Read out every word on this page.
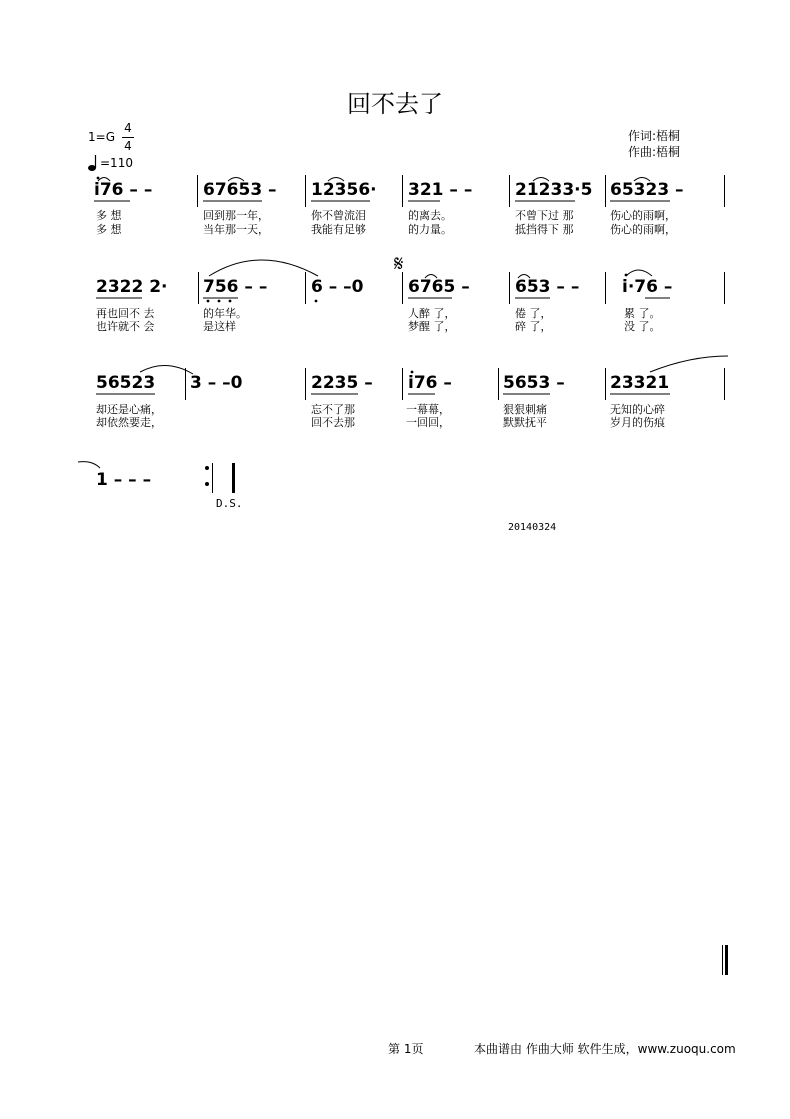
回不去了
1=G
4
4
=110
作词:梧桐
作曲:梧桐
i76 – –	67653 – 12356· 321 – –	21233·5 65323 –
多 想	回到那一年，	你不曾流泪	的离去。	不曾下过 那	伤心的雨啊，
多 想	当年那一天，	我能有足够	的力量。	抵挡得下 那	伤心的雨啊，
2322 2· 756 – –	6 – –0	6765 –	653 – –	i·76 –
𝄋
再也回不 去	的年华。	人醉 了，	倦 了，	累 了。
也许就不 会	是这样	梦醒 了，	碎 了，	没 了。
56523 3 – –0	2235 – i76 –	5653 –	23321
却还是心痛，	忘不了那	一幕幕，	狠狠刺痛	无知的心碎
却依然要走，	回不去那	一回回，	默默抚平	岁月的伤痕
1 – – –
D.S.
20140324
第 1页	本曲谱由 作曲大师 软件生成，www.zuoqu.com
